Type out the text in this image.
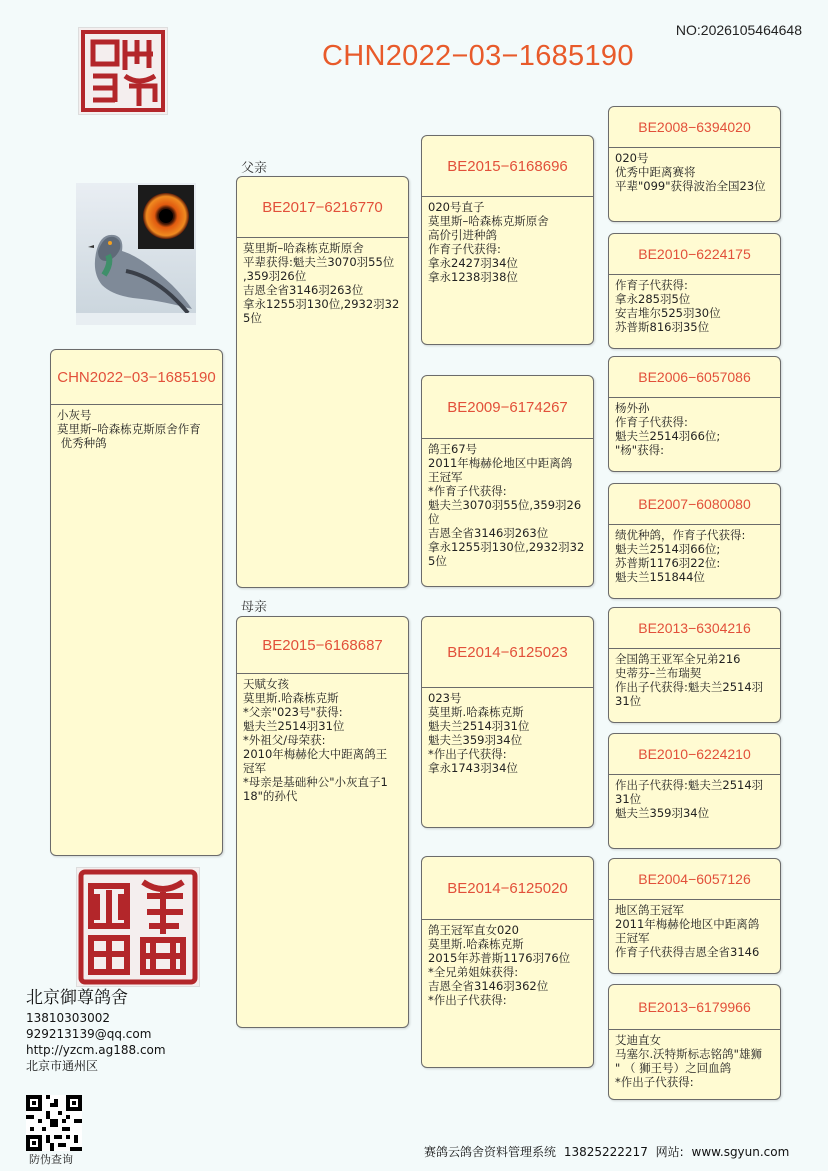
NO:2026105464648
CHN2022−03−1685190
父亲
母亲
CHN2022−03−1685190
小灰号
莫里斯–哈森栋克斯原舍作育
优秀种鸽
BE2017−6216770
莫里斯–哈森栋克斯原舍
平辈获得:魁夫兰3070羽55位
,359羽26位
吉恩全省3146羽263位
拿永1255羽130位,2932羽32
5位
BE2015−6168687
天赋女孩
莫里斯.哈森栋克斯
*父亲"023号"获得:
魁夫兰2514羽31位
*外祖父/母荣获:
2010年梅赫伦大中距离鸽王
冠军
*母亲是基础种公"小灰直子1
18"的孙代
BE2015−6168696
020号直子
莫里斯–哈森栋克斯原舍
高价引进种鸽
作育子代获得:
拿永2427羽34位
拿永1238羽38位
BE2009−6174267
鸽王67号
2011年梅赫伦地区中距离鸽
王冠军
*作育子代获得:
魁夫兰3070羽55位,359羽26
位
吉恩全省3146羽263位
拿永1255羽130位,2932羽32
5位
BE2014−6125023
023号
莫里斯.哈森栋克斯
魁夫兰2514羽31位
魁夫兰359羽34位
*作出子代获得:
拿永1743羽34位
BE2014−6125020
鸽王冠军直女020
莫里斯.哈森栋克斯
2015年苏普斯1176羽76位
*全兄弟姐妹获得:
吉恩全省3146羽362位
*作出子代获得:
BE2008−6394020
020号
优秀中距离赛将
平辈"099"获得波治全国23位
BE2010−6224175
作育子代获得:
拿永285羽5位
安吉堆尔525羽30位
苏普斯816羽35位
BE2006−6057086
杨外孙
作育子代获得:
魁夫兰2514羽66位;
"杨"获得:
BE2007−6080080
绩优种鸽，作育子代获得:
魁夫兰2514羽66位;
苏普斯1176羽22位:
魁夫兰151844位
BE2013−6304216
全国鸽王亚军全兄弟216
史蒂芬–兰布瑞契
作出子代获得:魁夫兰2514羽
31位
BE2010−6224210
作出子代获得:魁夫兰2514羽
31位
魁夫兰359羽34位
BE2004−6057126
地区鸽王冠军
2011年梅赫伦地区中距离鸽
王冠军
作育子代获得吉恩全省3146
BE2013−6179966
艾迪直女
马塞尔.沃特斯标志铭鸽"雄狮
" （ 狮王号）之回血鸽
*作出子代获得:
北京御尊鸽舍
13810303002
929213139@qq.com
http://yzcm.ag188.com
北京市通州区
防伪查询
赛鸽云鸽舍资料管理系统 13825222217 网站: www.sgyun.com
